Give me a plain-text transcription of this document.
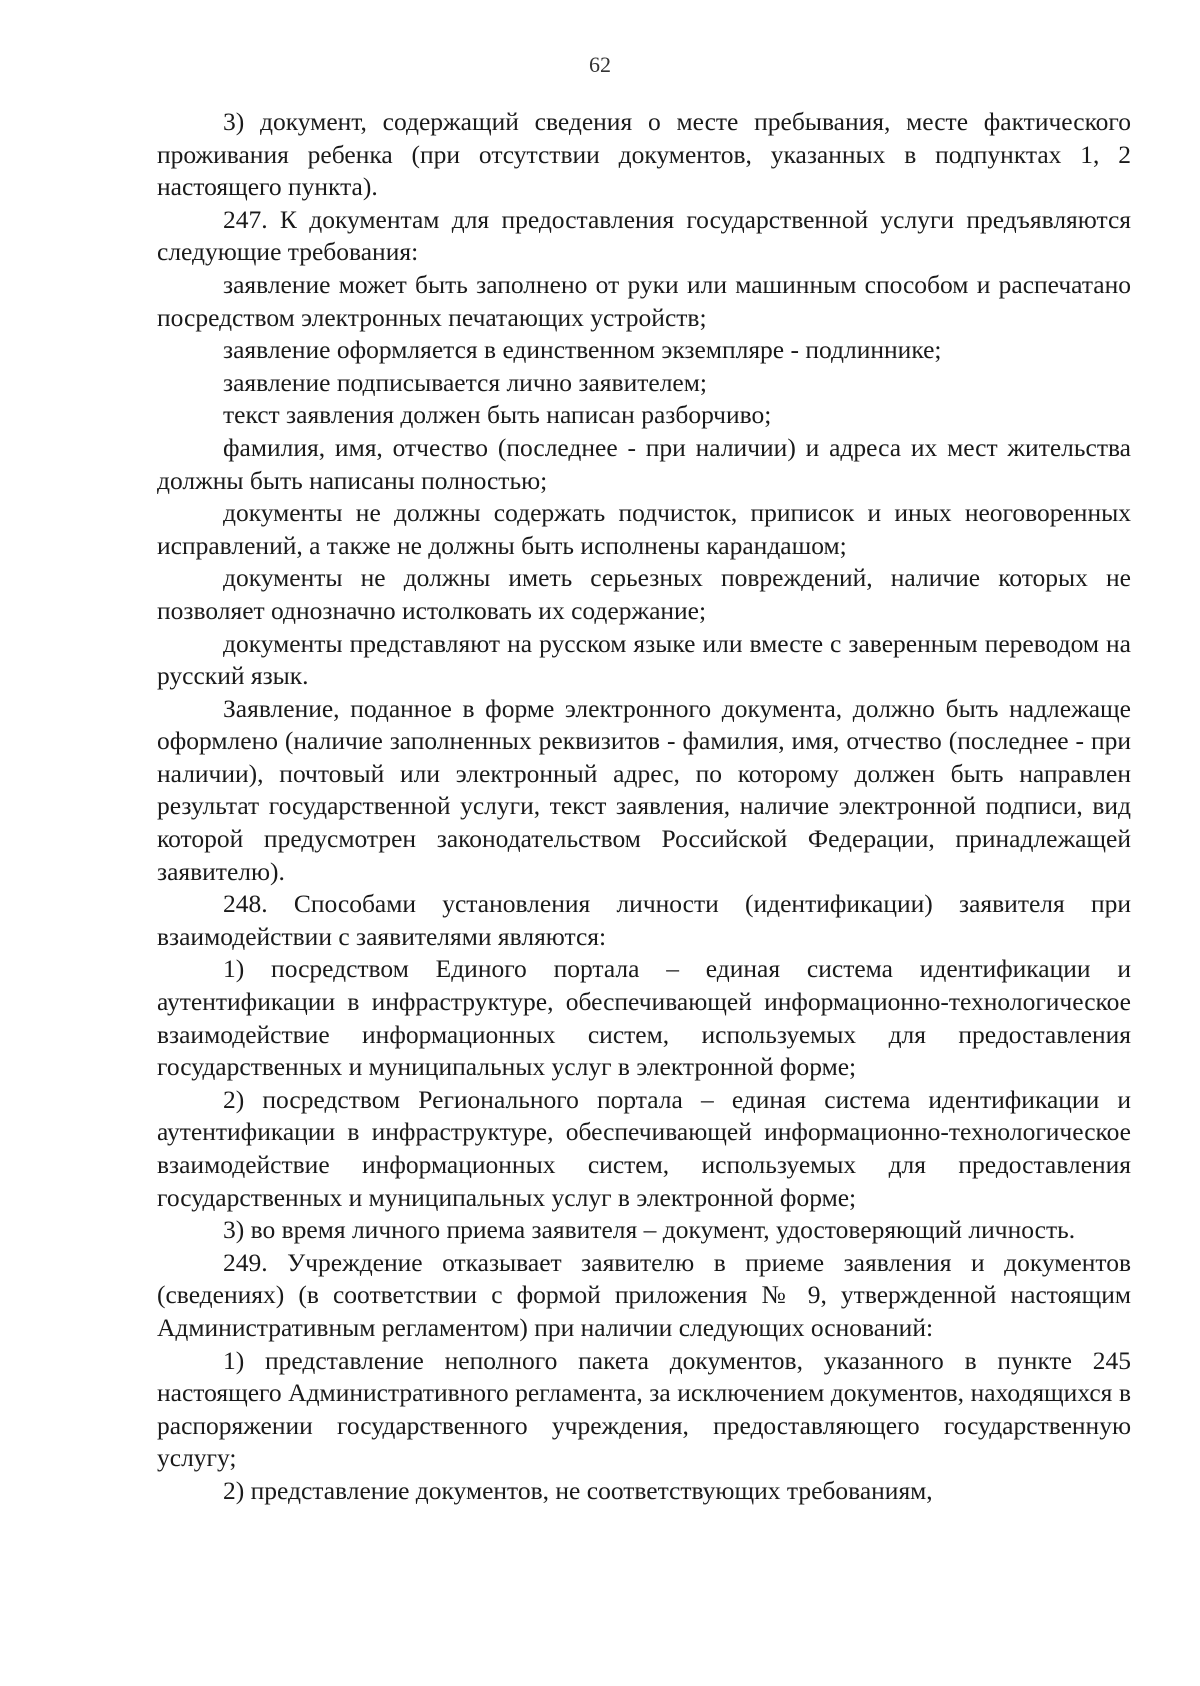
62

3) документ, содержащий сведения о месте пребывания, месте фактического проживания ребенка (при отсутствии документов, указанных в подпунктах 1, 2 настоящего пункта).

247. К документам для предоставления государственной услуги предъявляются следующие требования:

заявление может быть заполнено от руки или машинным способом и распечатано посредством электронных печатающих устройств;

заявление оформляется в единственном экземпляре - подлиннике;

заявление подписывается лично заявителем;

текст заявления должен быть написан разборчиво;

фамилия, имя, отчество (последнее - при наличии) и адреса их мест жительства должны быть написаны полностью;

документы не должны содержать подчисток, приписок и иных неоговоренных исправлений, а также не должны быть исполнены карандашом;

документы не должны иметь серьезных повреждений, наличие которых не позволяет однозначно истолковать их содержание;

документы представляют на русском языке или вместе с заверенным переводом на русский язык.

Заявление, поданное в форме электронного документа, должно быть надлежаще оформлено (наличие заполненных реквизитов - фамилия, имя, отчество (последнее - при наличии), почтовый или электронный адрес, по которому должен быть направлен результат государственной услуги, текст заявления, наличие электронной подписи, вид которой предусмотрен законодательством Российской Федерации, принадлежащей заявителю).

248. Способами установления личности (идентификации) заявителя при взаимодействии с заявителями являются:

1) посредством Единого портала – единая система идентификации и аутентификации в инфраструктуре, обеспечивающей информационно-технологическое взаимодействие информационных систем, используемых для предоставления государственных и муниципальных услуг в электронной форме;

2) посредством Регионального портала – единая система идентификации и аутентификации в инфраструктуре, обеспечивающей информационно-технологическое взаимодействие информационных систем, используемых для предоставления государственных и муниципальных услуг в электронной форме;

3) во время личного приема заявителя – документ, удостоверяющий личность.

249. Учреждение отказывает заявителю в приеме заявления и документов (сведениях) (в соответствии с формой приложения № 9, утвержденной настоящим Административным регламентом) при наличии следующих оснований:

1) представление неполного пакета документов, указанного в пункте 245 настоящего Административного регламента, за исключением документов, находящихся в распоряжении государственного учреждения, предоставляющего государственную услугу;

2) представление документов, не соответствующих требованиям,
